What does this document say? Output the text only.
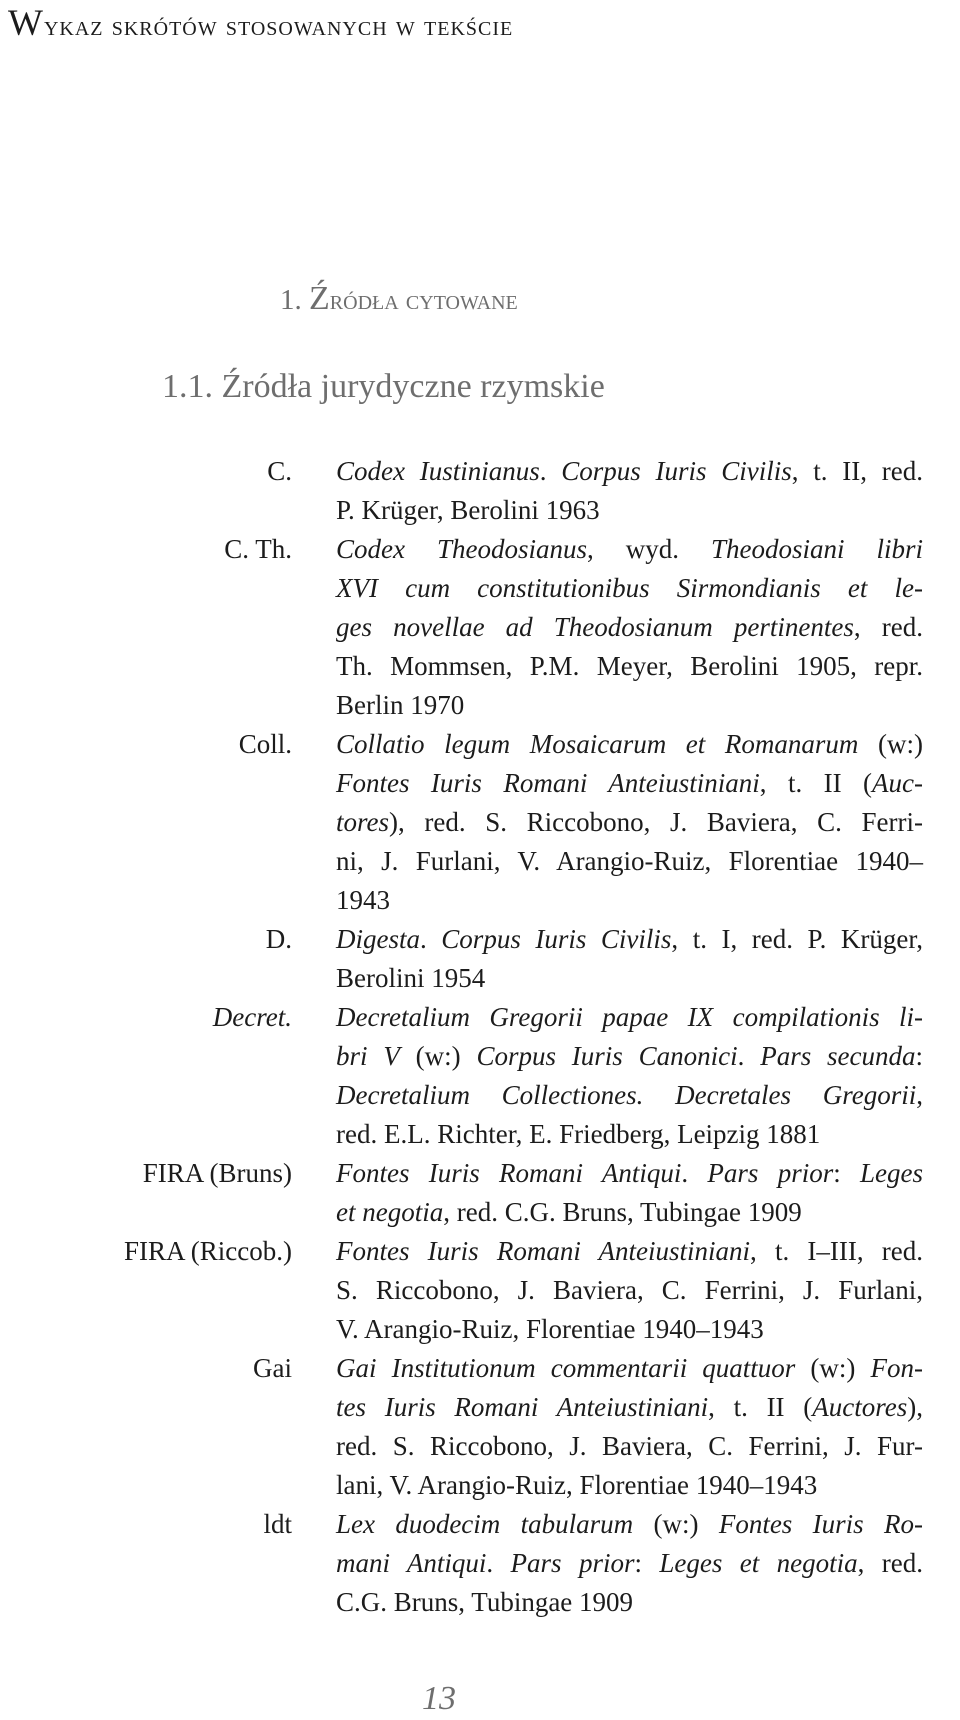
Wykaz skrótów stosowanych w tekście
1. Źródła cytowane
1.1. Źródła jurydyczne rzymskie
C. Codex Iustinianus. Corpus Iuris Civilis, t. II, red.
P. Krüger, Berolini 1963
C. Th. Codex Theodosianus, wyd. Theodosiani libri
XVI cum constitutionibus Sirmondianis et le-
ges novellae ad Theodosianum pertinentes, red.
Th. Mommsen, P.M. Meyer, Berolini 1905, repr.
Berlin 1970
Coll. Collatio legum Mosaicarum et Romanarum (w:)
Fontes Iuris Romani Anteiustiniani, t. II (Auc-
tores), red. S. Riccobono, J. Baviera, C. Ferri-
ni, J. Furlani, V. Arangio-Ruiz, Florentiae 1940–
1943
D. Digesta. Corpus Iuris Civilis, t. I, red. P. Krüger,
Berolini 1954
Decret. Decretalium Gregorii papae IX compilationis li-
bri V (w:) Corpus Iuris Canonici. Pars secunda:
Decretalium Collectiones. Decretales Gregorii,
red. E.L. Richter, E. Friedberg, Leipzig 1881
FIRA (Bruns) Fontes Iuris Romani Antiqui. Pars prior: Leges
et negotia, red. C.G. Bruns, Tubingae 1909
FIRA (Riccob.) Fontes Iuris Romani Anteiustiniani, t. I–III, red.
S. Riccobono, J. Baviera, C. Ferrini, J. Furlani,
V. Arangio-Ruiz, Florentiae 1940–1943
Gai Gai Institutionum commentarii quattuor (w:) Fon-
tes Iuris Romani Anteiustiniani, t. II (Auctores),
red. S. Riccobono, J. Baviera, C. Ferrini, J. Fur-
lani, V. Arangio-Ruiz, Florentiae 1940–1943
ldt Lex duodecim tabularum (w:) Fontes Iuris Ro-
mani Antiqui. Pars prior: Leges et negotia, red.
C.G. Bruns, Tubingae 1909
13
